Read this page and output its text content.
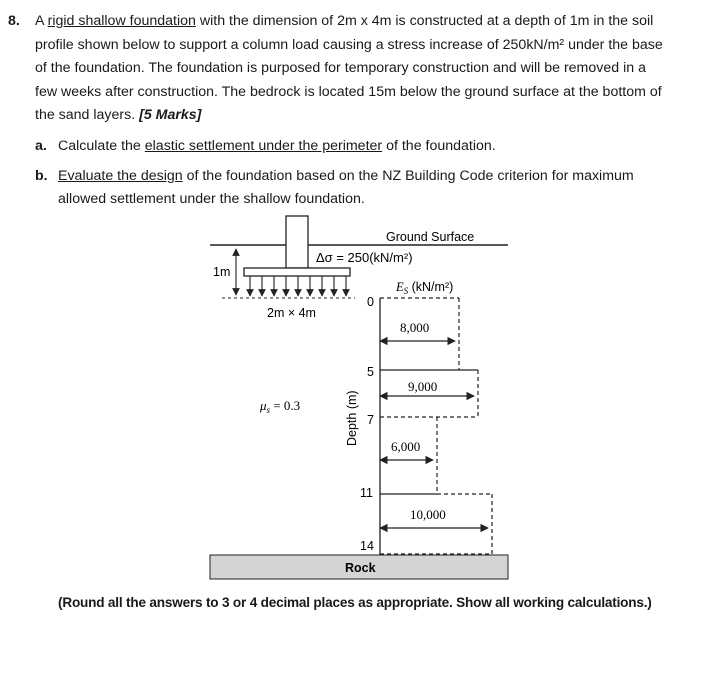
8. A rigid shallow foundation with the dimension of 2m x 4m is constructed at a depth of 1m in the soil
profile shown below to support a column load causing a stress increase of 250kN/m² under the base
of the foundation. The foundation is purposed for temporary construction and will be removed in a
few weeks after construction. The bedrock is located 15m below the ground surface at the bottom of
the sand layers. [5 Marks]
a. Calculate the elastic settlement under the perimeter of the foundation.
b. Evaluate the design of the foundation based on the NZ Building Code criterion for maximum
allowed settlement under the shallow foundation.
Ground Surface
1m
Δσ = 250(kN/m²)
2m × 4m
$E_S$ (kN/m²)
$\mu_s = 0.3$	Depth (m)
0
5
7
11
14
8,000
9,000
6,000
10,000
Rock
(Round all the answers to 3 or 4 decimal places as appropriate. Show all working calculations.)
